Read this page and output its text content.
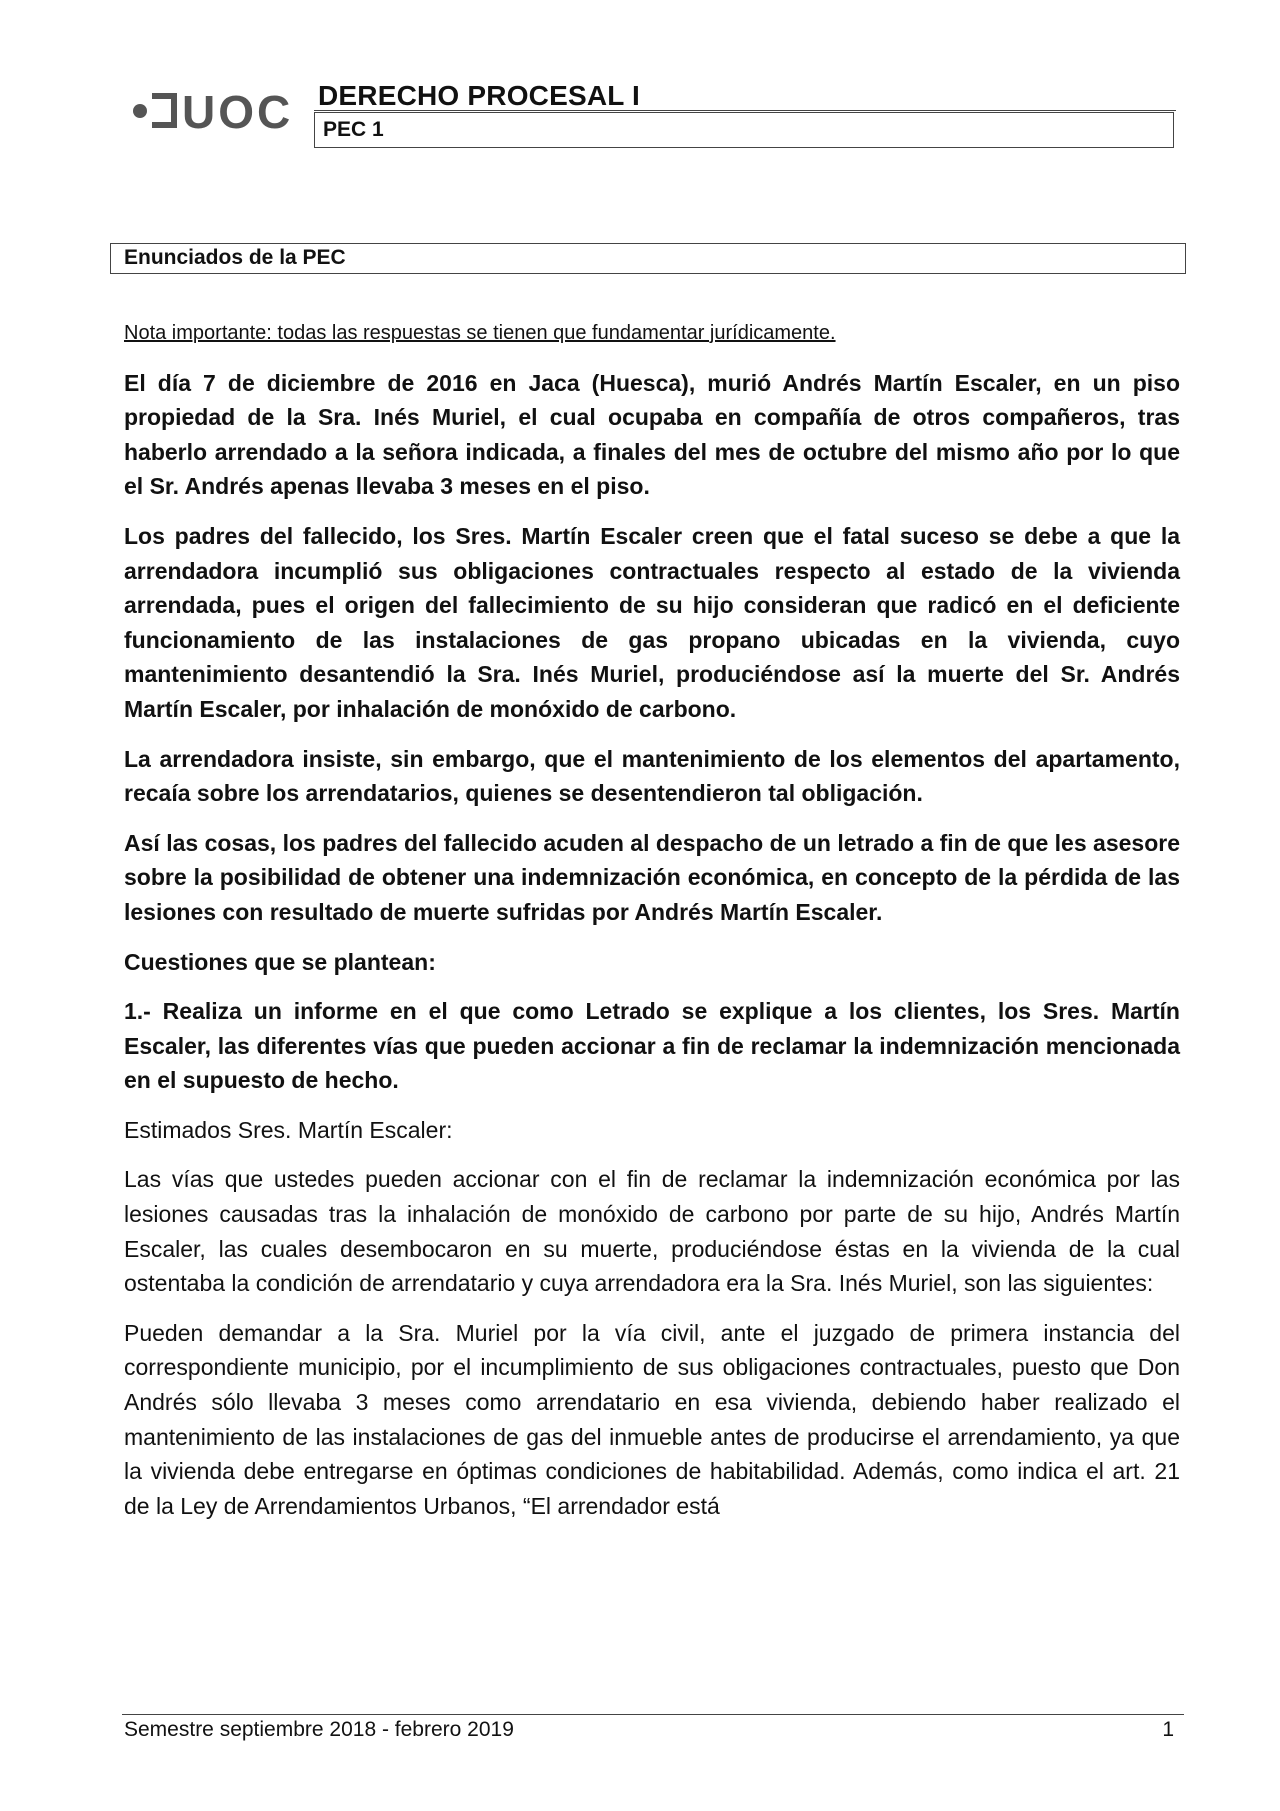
UOC DERECHO PROCESAL I
PEC 1
Enunciados de la PEC

Nota importante: todas las respuestas se tienen que fundamentar jurídicamente.

El día 7 de diciembre de 2016 en Jaca (Huesca), murió Andrés Martín Escaler, en un piso propiedad de la Sra. Inés Muriel, el cual ocupaba en compañía de otros compañeros, tras haberlo arrendado a la señora indicada, a finales del mes de octubre del mismo año por lo que el Sr. Andrés apenas llevaba 3 meses en el piso.

Los padres del fallecido, los Sres. Martín Escaler creen que el fatal suceso se debe a que la arrendadora incumplió sus obligaciones contractuales respecto al estado de la vivienda arrendada, pues el origen del fallecimiento de su hijo consideran que radicó en el deficiente funcionamiento de las instalaciones de gas propano ubicadas en la vivienda, cuyo mantenimiento desantendió la Sra. Inés Muriel, produciéndose así la muerte del Sr. Andrés Martín Escaler, por inhalación de monóxido de carbono.

La arrendadora insiste, sin embargo, que el mantenimiento de los elementos del apartamento, recaía sobre los arrendatarios, quienes se desentendieron tal obligación.

Así las cosas, los padres del fallecido acuden al despacho de un letrado a fin de que les asesore sobre la posibilidad de obtener una indemnización económica, en concepto de la pérdida de las lesiones con resultado de muerte sufridas por Andrés Martín Escaler.

Cuestiones que se plantean:

1.- Realiza un informe en el que como Letrado se explique a los clientes, los Sres. Martín Escaler, las diferentes vías que pueden accionar a fin de reclamar la indemnización mencionada en el supuesto de hecho.

Estimados Sres. Martín Escaler:

Las vías que ustedes pueden accionar con el fin de reclamar la indemnización económica por las lesiones causadas tras la inhalación de monóxido de carbono por parte de su hijo, Andrés Martín Escaler, las cuales desembocaron en su muerte, produciéndose éstas en la vivienda de la cual ostentaba la condición de arrendatario y cuya arrendadora era la Sra. Inés Muriel, son las siguientes:

Pueden demandar a la Sra. Muriel por la vía civil, ante el juzgado de primera instancia del correspondiente municipio, por el incumplimiento de sus obligaciones contractuales, puesto que Don Andrés sólo llevaba 3 meses como arrendatario en esa vivienda, debiendo haber realizado el mantenimiento de las instalaciones de gas del inmueble antes de producirse el arrendamiento, ya que la vivienda debe entregarse en óptimas condiciones de habitabilidad. Además, como indica el art. 21 de la Ley de Arrendamientos Urbanos, “El arrendador está

Semestre septiembre 2018 - febrero 2019	1
